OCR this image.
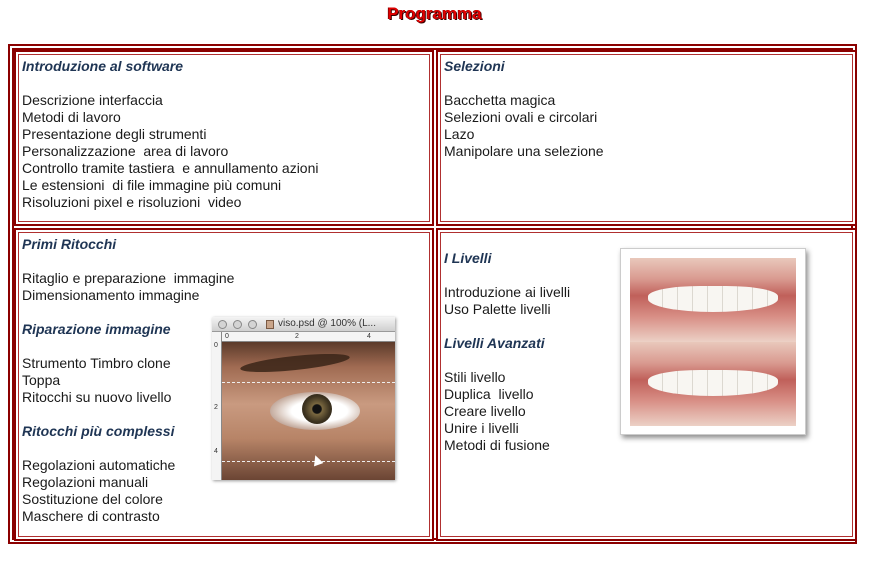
Programma
Introduzione al software
Descrizione interfaccia
Metodi di lavoro
Presentazione degli strumenti
Personalizzazione  area di lavoro
Controllo tramite tastiera  e annullamento azioni
Le estensioni  di file immagine più comuni
Risoluzioni pixel e risoluzioni  video
Selezioni
Bacchetta magica
Selezioni ovali e circolari
Lazo
Manipolare una selezione
Primi Ritocchi
Ritaglio e preparazione  immagine
Dimensionamento immagine
Riparazione immagine
Strumento Timbro clone
Toppa
Ritocchi su nuovo livello
Ritocchi più complessi
Regolazioni automatiche
Regolazioni manuali
Sostituzione del colore
Maschere di contrasto
I Livelli
Introduzione ai livelli
Uso Palette livelli
Livelli Avanzati
Stili livello
Duplica  livello
Creare livello
Unire i livelli
Metodi di fusione
viso.psd @ 100% (L...
0	2	4
0
2
4
